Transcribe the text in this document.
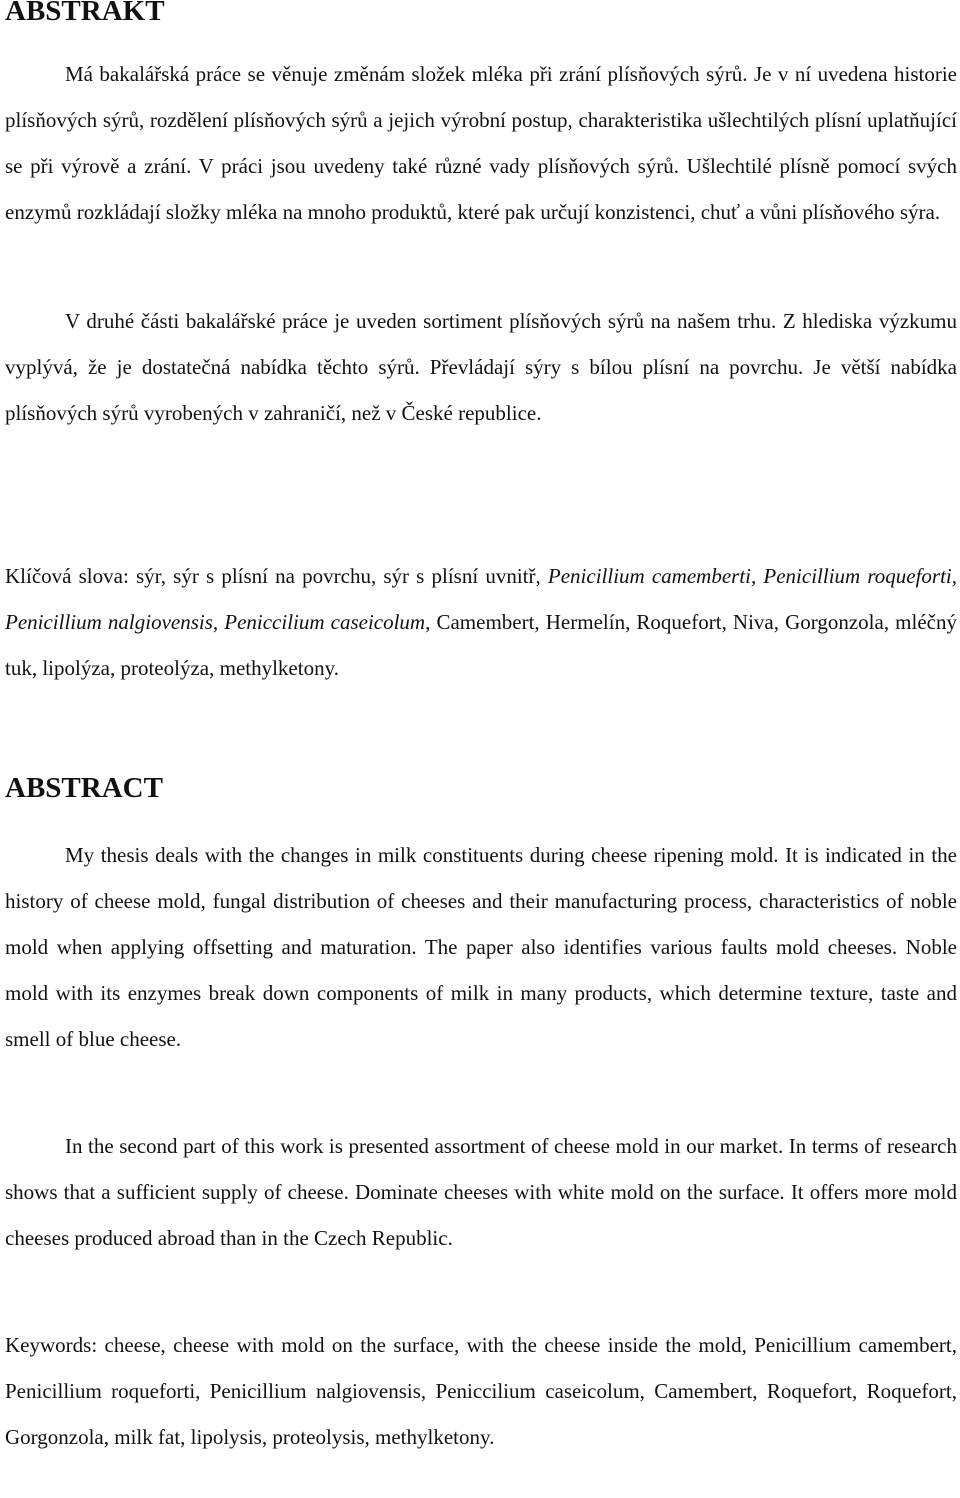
ABSTRAKT

Má bakalářská práce se věnuje změnám složek mléka při zrání plísňových sýrů. Je v ní uvedena historie plísňových sýrů, rozdělení plísňových sýrů a jejich výrobní postup, charakteristika ušlechtilých plísní uplatňující se při výrově a zrání. V práci jsou uvedeny také různé vady plísňových sýrů. Ušlechtilé plísně pomocí svých enzymů rozkládají složky mléka na mnoho produktů, které pak určují konzistenci, chuť a vůni plísňového sýra.

V druhé části bakalářské práce je uveden sortiment plísňových sýrů na našem trhu. Z hlediska výzkumu vyplývá, že je dostatečná nabídka těchto sýrů. Převládají sýry s bílou plísní na povrchu. Je větší nabídka plísňových sýrů vyrobených v zahraničí, než v České republice.

Klíčová slova: sýr, sýr s plísní na povrchu, sýr s plísní uvnitř, Penicillium camemberti, Penicillium roqueforti, Penicillium nalgiovensis, Peniccilium caseicolum, Camembert, Hermelín, Roquefort, Niva, Gorgonzola, mléčný tuk, lipolýza, proteolýza, methylketony.

ABSTRACT

My thesis deals with the changes in milk constituents during cheese ripening mold. It is indicated in the history of cheese mold, fungal distribution of cheeses and their manufacturing process, characteristics of noble mold when applying offsetting and maturation. The paper also identifies various faults mold cheeses. Noble mold with its enzymes break down components of milk in many products, which determine texture, taste and smell of blue cheese.

In the second part of this work is presented assortment of cheese mold in our market. In terms of research shows that a sufficient supply of cheese. Dominate cheeses with white mold on the surface. It offers more mold cheeses produced abroad than in the Czech Republic.

Keywords: cheese, cheese with mold on the surface, with the cheese inside the mold, Penicillium camembert, Penicillium roqueforti, Penicillium nalgiovensis, Peniccilium caseicolum, Camembert, Roquefort, Roquefort, Gorgonzola, milk fat, lipolysis, proteolysis, methylketony.
